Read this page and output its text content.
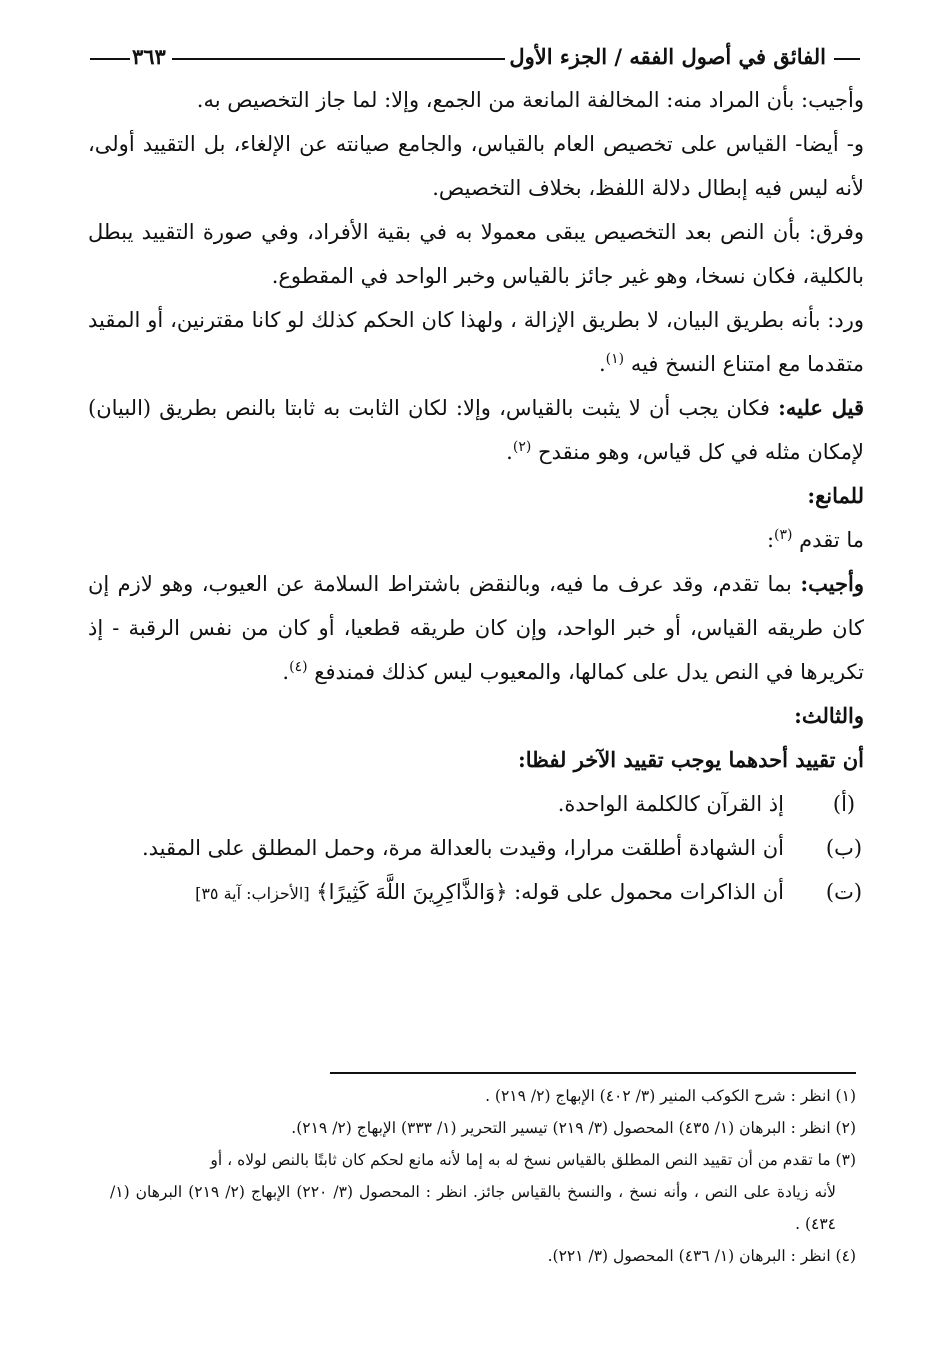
الفائق في أصول الفقه / الجزء الأول
٣٦٣

وأجيب: بأن المراد منه: المخالفة المانعة من الجمع، وإلا: لما جاز التخصيص به.

و- أيضا- القياس على تخصيص العام بالقياس، والجامع صيانته عن الإلغاء، بل التقييد أولى، لأنه ليس فيه إبطال دلالة اللفظ، بخلاف التخصيص.

وفرق: بأن النص بعد التخصيص يبقى معمولا به في بقية الأفراد، وفي صورة التقييد يبطل بالكلية، فكان نسخا، وهو غير جائز بالقياس وخبر الواحد في المقطوع.

ورد: بأنه بطريق البيان، لا بطريق الإزالة ، ولهذا كان الحكم كذلك لو كانا مقترنين، أو المقيد متقدما مع امتناع النسخ فيه $^{(١)}$.

قيل عليه: فكان يجب أن لا يثبت بالقياس، وإلا: لكان الثابت به ثابتا بالنص بطريق (البيان) لإمكان مثله في كل قياس، وهو منقدح $^{(٢)}$.

للمانع:

ما تقدم $^{(٣)}$:

وأجيب: بما تقدم، وقد عرف ما فيه، وبالنقض باشتراط السلامة عن العيوب، وهو لازم إن كان طريقه القياس، أو خبر الواحد، وإن كان طريقه قطعيا، أو كان من نفس الرقبة - إذ تكريرها في النص يدل على كمالها، والمعيوب ليس كذلك فمندفع $^{(٤)}$.

والثالث:

أن تقييد أحدهما يوجب تقييد الآخر لفظا:

(أ)
إذ القرآن كالكلمة الواحدة.

(ب)
أن الشهادة أطلقت مرارا، وقيدت بالعدالة مرة، وحمل المطلق على المقيد.

(ت)
أن الذاكرات محمول على قوله: ﴿وَالذَّاكِرِينَ اللَّهَ كَثِيرًا﴾ [الأحزاب: آية ٣٥]

(١) انظر : شرح الكوكب المنير (٣/ ٤٠٢) الإبهاج (٢/ ٢١٩) .

(٢) انظر : البرهان (١/ ٤٣٥) المحصول (٣/ ٢١٩) تيسير التحرير (١/ ٣٣٣) الإبهاج (٢/ ٢١٩).

(٣) ما تقدم من أن تقييد النص المطلق بالقياس نسخ له به إما لأنه مانع لحكم كان ثابتًا بالنص لولاه ، أو

لأنه زيادة على النص ، وأنه نسخ ، والنسخ بالقياس جائز. انظر : المحصول (٣/ ٢٢٠) الإبهاج (٢/ ٢١٩) البرهان (١/ ٤٣٤) .

(٤) انظر : البرهان (١/ ٤٣٦) المحصول (٣/ ٢٢١).
